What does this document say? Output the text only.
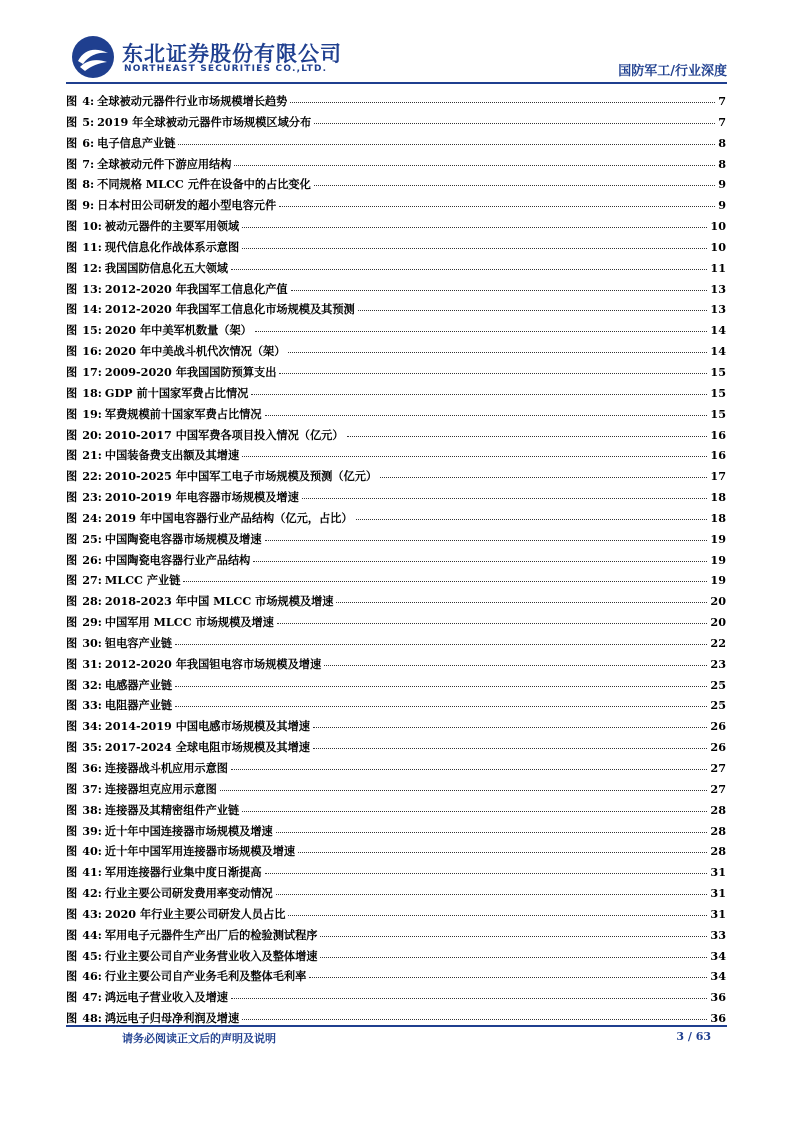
东北证券股份有限公司
NORTHEAST SECURITIES CO.,LTD.	国防军工/行业深度
图 4: 全球被动元器件行业市场规模增长趋势	7
图 5: 2019 年全球被动元器件市场规模区域分布	7
图 6: 电子信息产业链	8
图 7: 全球被动元件下游应用结构	8
图 8: 不同规格 MLCC 元件在设备中的占比变化	9
图 9: 日本村田公司研发的超小型电容元件	9
图 10: 被动元器件的主要军用领域	10
图 11: 现代信息化作战体系示意图	10
图 12: 我国国防信息化五大领域	11
图 13: 2012-2020 年我国军工信息化产值	13
图 14: 2012-2020 年我国军工信息化市场规模及其预测	13
图 15: 2020 年中美军机数量（架）	14
图 16: 2020 年中美战斗机代次情况（架）	14
图 17: 2009-2020 年我国国防预算支出	15
图 18: GDP 前十国家军费占比情况	15
图 19: 军费规模前十国家军费占比情况	15
图 20: 2010-2017 中国军费各项目投入情况（亿元）	16
图 21: 中国装备费支出额及其增速	16
图 22: 2010-2025 年中国军工电子市场规模及预测（亿元）	17
图 23: 2010-2019 年电容器市场规模及增速	18
图 24: 2019 年中国电容器行业产品结构（亿元，占比）	18
图 25: 中国陶瓷电容器市场规模及增速	19
图 26: 中国陶瓷电容器行业产品结构	19
图 27: MLCC 产业链	19
图 28: 2018-2023 年中国 MLCC 市场规模及增速	20
图 29: 中国军用 MLCC 市场规模及增速	20
图 30: 钽电容产业链	22
图 31: 2012-2020 年我国钽电容市场规模及增速	23
图 32: 电感器产业链	25
图 33: 电阻器产业链	25
图 34: 2014-2019 中国电感市场规模及其增速	26
图 35: 2017-2024 全球电阻市场规模及其增速	26
图 36: 连接器战斗机应用示意图	27
图 37: 连接器坦克应用示意图	27
图 38: 连接器及其精密组件产业链	28
图 39: 近十年中国连接器市场规模及增速	28
图 40: 近十年中国军用连接器市场规模及增速	28
图 41: 军用连接器行业集中度日渐提高	31
图 42: 行业主要公司研发费用率变动情况	31
图 43: 2020 年行业主要公司研发人员占比	31
图 44: 军用电子元器件生产出厂后的检验测试程序	33
图 45: 行业主要公司自产业务营业收入及整体增速	34
图 46: 行业主要公司自产业务毛利及整体毛利率	34
图 47: 鸿远电子营业收入及增速	36
图 48: 鸿远电子归母净利润及增速	36
请务必阅读正文后的声明及说明	3 / 63
